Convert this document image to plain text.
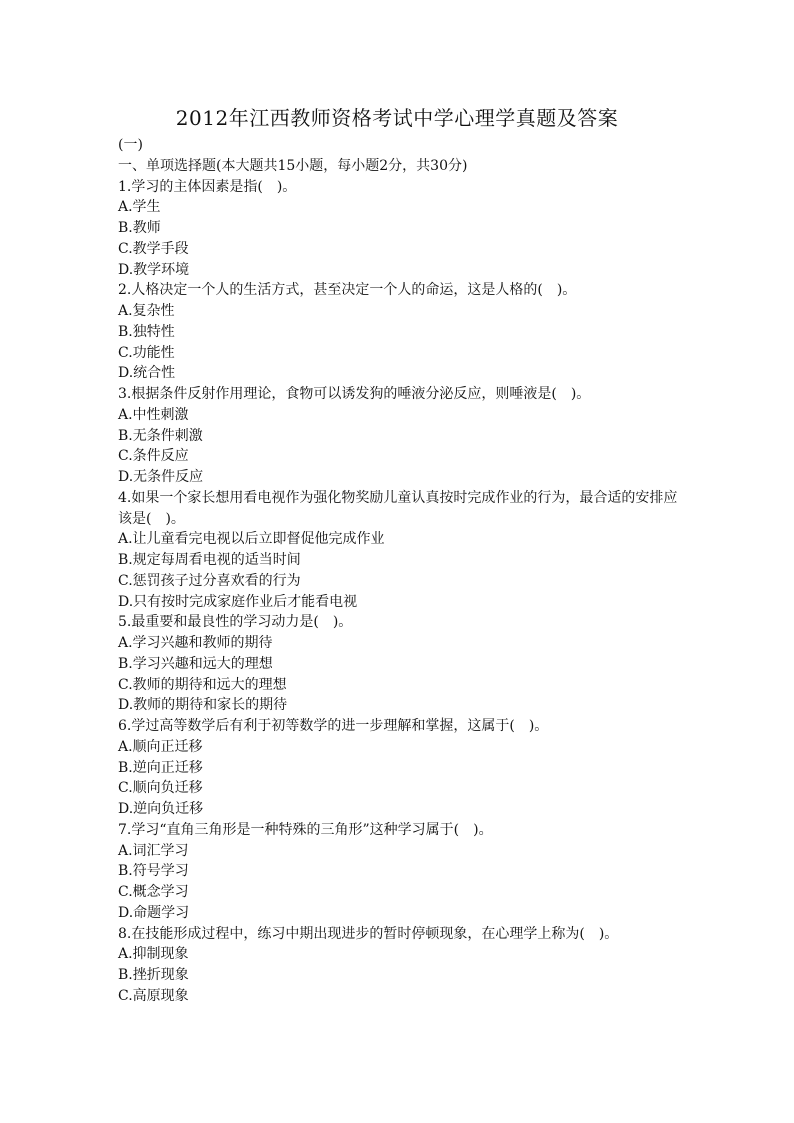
2012年江西教师资格考试中学心理学真题及答案
(一)
一、单项选择题(本大题共15小题，每小题2分，共30分)
1.学习的主体因素是指(　)。
A.学生
B.教师
C.教学手段
D.教学环境
2.人格决定一个人的生活方式，甚至决定一个人的命运，这是人格的(　)。
A.复杂性
B.独特性
C.功能性
D.统合性
3.根据条件反射作用理论，食物可以诱发狗的唾液分泌反应，则唾液是(　)。
A.中性刺激
B.无条件刺激
C.条件反应
D.无条件反应
4.如果一个家长想用看电视作为强化物奖励儿童认真按时完成作业的行为，最合适的安排应该是(　)。
A.让儿童看完电视以后立即督促他完成作业
B.规定每周看电视的适当时间
C.惩罚孩子过分喜欢看的行为
D.只有按时完成家庭作业后才能看电视
5.最重要和最良性的学习动力是(　)。
A.学习兴趣和教师的期待
B.学习兴趣和远大的理想
C.教师的期待和远大的理想
D.教师的期待和家长的期待
6.学过高等数学后有利于初等数学的进一步理解和掌握，这属于(　)。
A.顺向正迁移
B.逆向正迁移
C.顺向负迁移
D.逆向负迁移
7.学习“直角三角形是一种特殊的三角形”这种学习属于(　)。
A.词汇学习
B.符号学习
C.概念学习
D.命题学习
8.在技能形成过程中，练习中期出现进步的暂时停顿现象，在心理学上称为(　)。
A.抑制现象
B.挫折现象
C.高原现象
